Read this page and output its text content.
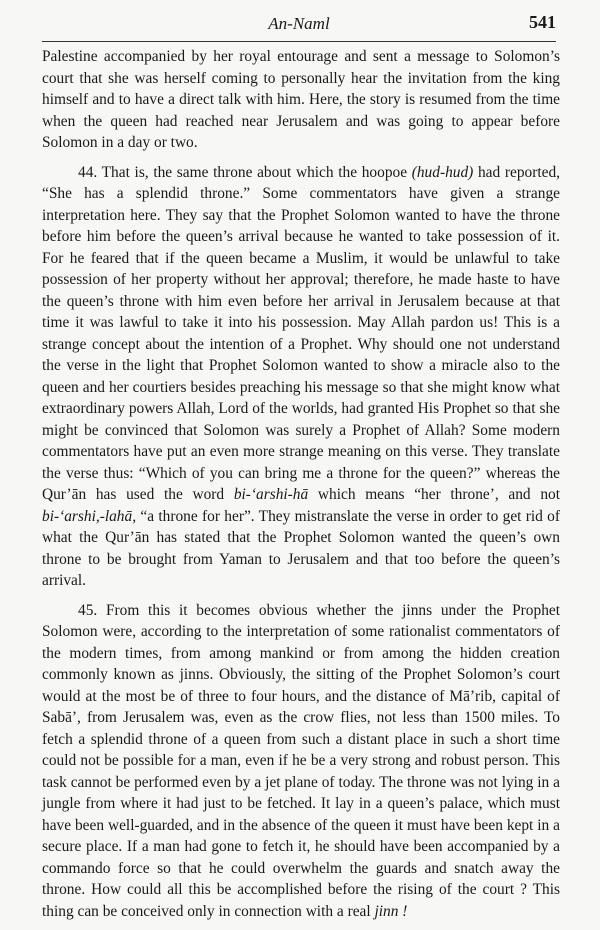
An-Naml	541

Palestine accompanied by her royal entourage and sent a message to Solomon’s court that she was herself coming to personally hear the invitation from the king himself and to have a direct talk with him. Here, the story is resumed from the time when the queen had reached near Jerusalem and was going to appear before Solomon in a day or two.

44. That is, the same throne about which the hoopoe (hud-hud) had reported, “She has a splendid throne.” Some commentators have given a strange interpretation here. They say that the Prophet Solomon wanted to have the throne before him before the queen’s arrival because he wanted to take possession of it. For he feared that if the queen became a Muslim, it would be unlawful to take possession of her property without her approval; therefore, he made haste to have the queen’s throne with him even before her arrival in Jerusalem because at that time it was lawful to take it into his possession. May Allah pardon us! This is a strange concept about the intention of a Prophet. Why should one not understand the verse in the light that Prophet Solomon wanted to show a miracle also to the queen and her courtiers besides preaching his message so that she might know what extraordinary powers Allah, Lord of the worlds, had granted His Prophet so that she might be convinced that Solomon was surely a Prophet of Allah? Some modern commentators have put an even more strange meaning on this verse. They translate the verse thus: “Which of you can bring me a throne for the queen?” whereas the Qur’ān has used the word bi-‘arshi-hā which means “her throne’, and not bi-‘arshi,-lahā, “a throne for her”. They mistranslate the verse in order to get rid of what the Qur’ān has stated that the Prophet Solomon wanted the queen’s own throne to be brought from Yaman to Jerusalem and that too before the queen’s arrival.

45. From this it becomes obvious whether the jinns under the Prophet Solomon were, according to the interpretation of some rationalist commentators of the modern times, from among mankind or from among the hidden creation commonly known as jinns. Obviously, the sitting of the Prophet Solomon’s court would at the most be of three to four hours, and the distance of Mā’rib, capital of Sabā’, from Jerusalem was, even as the crow flies, not less than 1500 miles. To fetch a splendid throne of a queen from such a distant place in such a short time could not be possible for a man, even if he be a very strong and robust person. This task cannot be performed even by a jet plane of today. The throne was not lying in a jungle from where it had just to be fetched. It lay in a queen’s palace, which must have been well-guarded, and in the absence of the queen it must have been kept in a secure place. If a man had gone to fetch it, he should have been accompanied by a commando force so that he could overwhelm the guards and snatch away the throne. How could all this be accomplished before the rising of the court ? This thing can be conceived only in connection with a real jinn !
